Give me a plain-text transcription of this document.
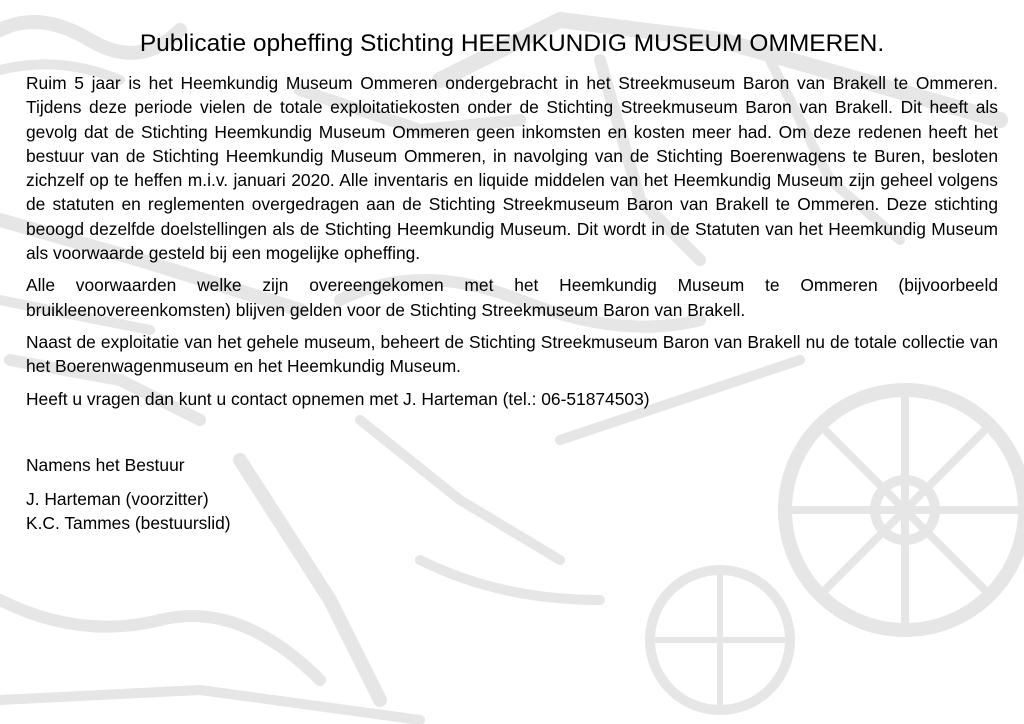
Publicatie opheffing Stichting HEEMKUNDIG MUSEUM OMMEREN.

Ruim 5 jaar is het Heemkundig Museum Ommeren ondergebracht in het Streekmuseum Baron van Brakell te Ommeren. Tijdens deze periode vielen de totale exploitatiekosten onder de Stichting Streekmuseum Baron van Brakell. Dit heeft als gevolg dat de Stichting Heemkundig Museum Ommeren geen inkomsten en kosten meer had. Om deze redenen heeft het bestuur van de Stichting Heemkundig Museum Ommeren, in navolging van de Stichting Boerenwagens te Buren, besloten zichzelf op te heffen m.i.v. januari 2020. Alle inventaris en liquide middelen van het Heemkundig Museum zijn geheel volgens de statuten en reglementen overgedragen aan de Stichting Streekmuseum Baron van Brakell te Ommeren. Deze stichting beoogd dezelfde doelstellingen als de Stichting Heemkundig Museum. Dit wordt in de Statuten van het Heemkundig Museum als voorwaarde gesteld bij een mogelijke opheffing.

Alle voorwaarden welke zijn overeengekomen met het Heemkundig Museum te Ommeren (bijvoorbeeld bruikleenovereenkomsten) blijven gelden voor de Stichting Streekmuseum Baron van Brakell.

Naast de exploitatie van het gehele museum, beheert de Stichting Streekmuseum Baron van Brakell nu de totale collectie van het Boerenwagenmuseum en het Heemkundig Museum.

Heeft u vragen dan kunt u contact opnemen met J. Harteman (tel.: 06-51874503)

Namens het Bestuur

J. Harteman (voorzitter)

K.C. Tammes (bestuurslid)
